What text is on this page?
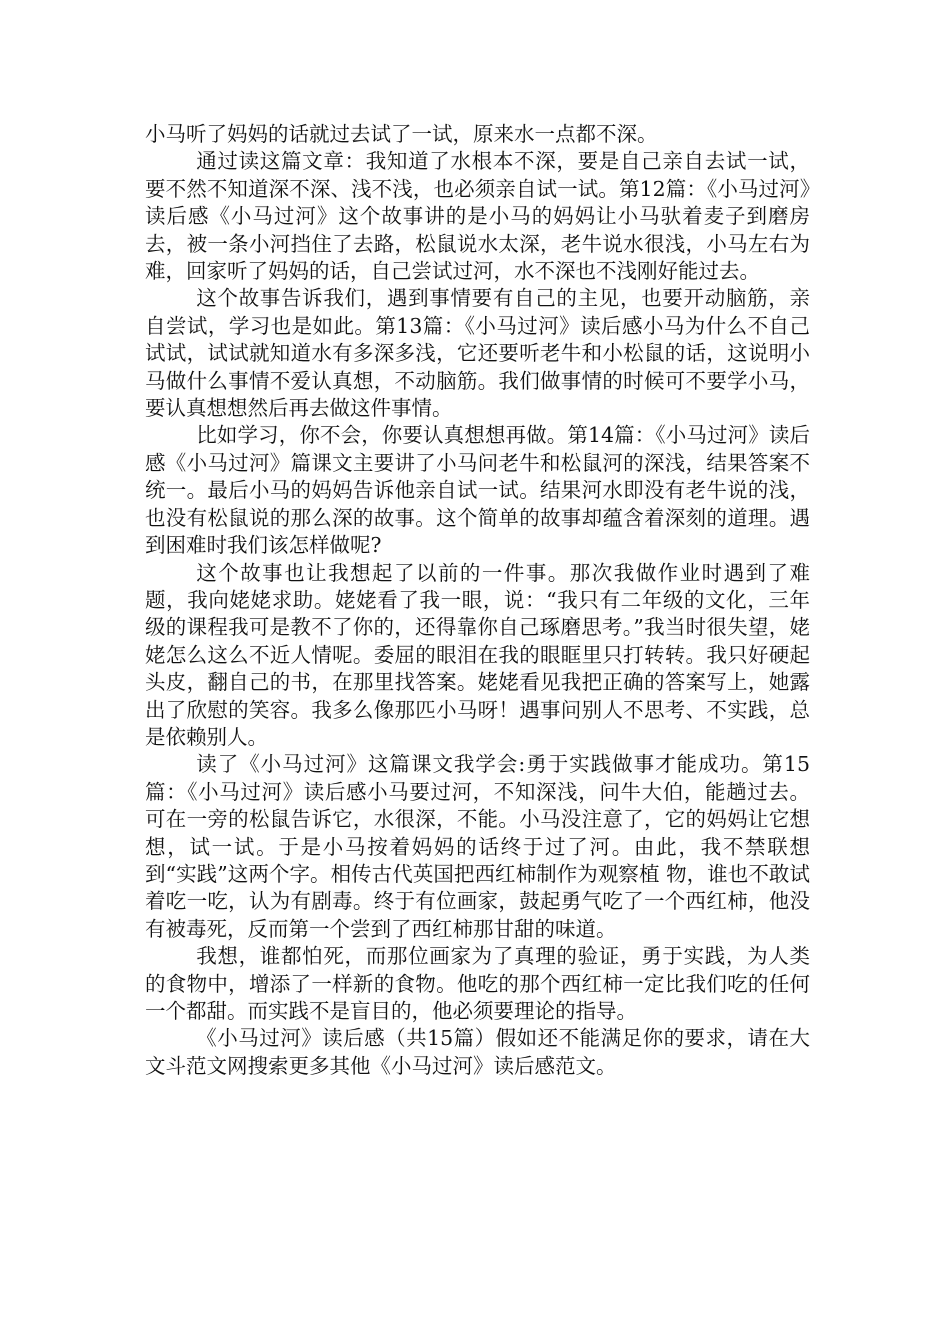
小马听了妈妈的话就过去试了一试，原来水一点都不深。

通过读这篇文章：我知道了水根本不深，要是自己亲自去试一试，要不然不知道深不深、浅不浅，也必须亲自试一试。第12篇：《小马过河》读后感《小马过河》这个故事讲的是小马的妈妈让小马驮着麦子到磨房去，被一条小河挡住了去路，松鼠说水太深，老牛说水很浅，小马左右为难，回家听了妈妈的话，自己尝试过河，水不深也不浅刚好能过去。

这个故事告诉我们，遇到事情要有自己的主见，也要开动脑筋，亲自尝试，学习也是如此。第13篇：《小马过河》读后感小马为什么不自己试试，试试就知道水有多深多浅，它还要听老牛和小松鼠的话，这说明小马做什么事情不爱认真想，不动脑筋。我们做事情的时候可不要学小马，要认真想想然后再去做这件事情。

比如学习，你不会，你要认真想想再做。第14篇：《小马过河》读后感《小马过河》篇课文主要讲了小马问老牛和松鼠河的深浅，结果答案不统一。最后小马的妈妈告诉他亲自试一试。结果河水即没有老牛说的浅，也没有松鼠说的那么深的故事。这个简单的故事却蕴含着深刻的道理。遇到困难时我们该怎样做呢?

这个故事也让我想起了以前的一件事。那次我做作业时遇到了难题，我向姥姥求助。姥姥看了我一眼，说：“我只有二年级的文化，三年级的课程我可是教不了你的，还得靠你自己琢磨思考。”我当时很失望，姥姥怎么这么不近人情呢。委屈的眼泪在我的眼眶里只打转转。我只好硬起头皮，翻自己的书，在那里找答案。姥姥看见我把正确的答案写上，她露出了欣慰的笑容。我多么像那匹小马呀！遇事问别人不思考、不实践，总是依赖别人。

读了《小马过河》这篇课文我学会:勇于实践做事才能成功。第15篇：《小马过河》读后感小马要过河，不知深浅，问牛大伯，能趟过去。可在一旁的松鼠告诉它，水很深，不能。小马没注意了，它的妈妈让它想想，试一试。于是小马按着妈妈的话终于过了河。由此，我不禁联想到“实践”这两个字。相传古代英国把西红柿制作为观察植 物，谁也不敢试着吃一吃，认为有剧毒。终于有位画家，鼓起勇气吃了一个西红柿，他没有被毒死，反而第一个尝到了西红柿那甘甜的味道。

我想，谁都怕死，而那位画家为了真理的验证，勇于实践，为人类的食物中，增添了一样新的食物。他吃的那个西红柿一定比我们吃的任何一个都甜。而实践不是盲目的，他必须要理论的指导。

《小马过河》读后感（共15篇）假如还不能满足你的要求，请在大文斗范文网搜索更多其他《小马过河》读后感范文。
